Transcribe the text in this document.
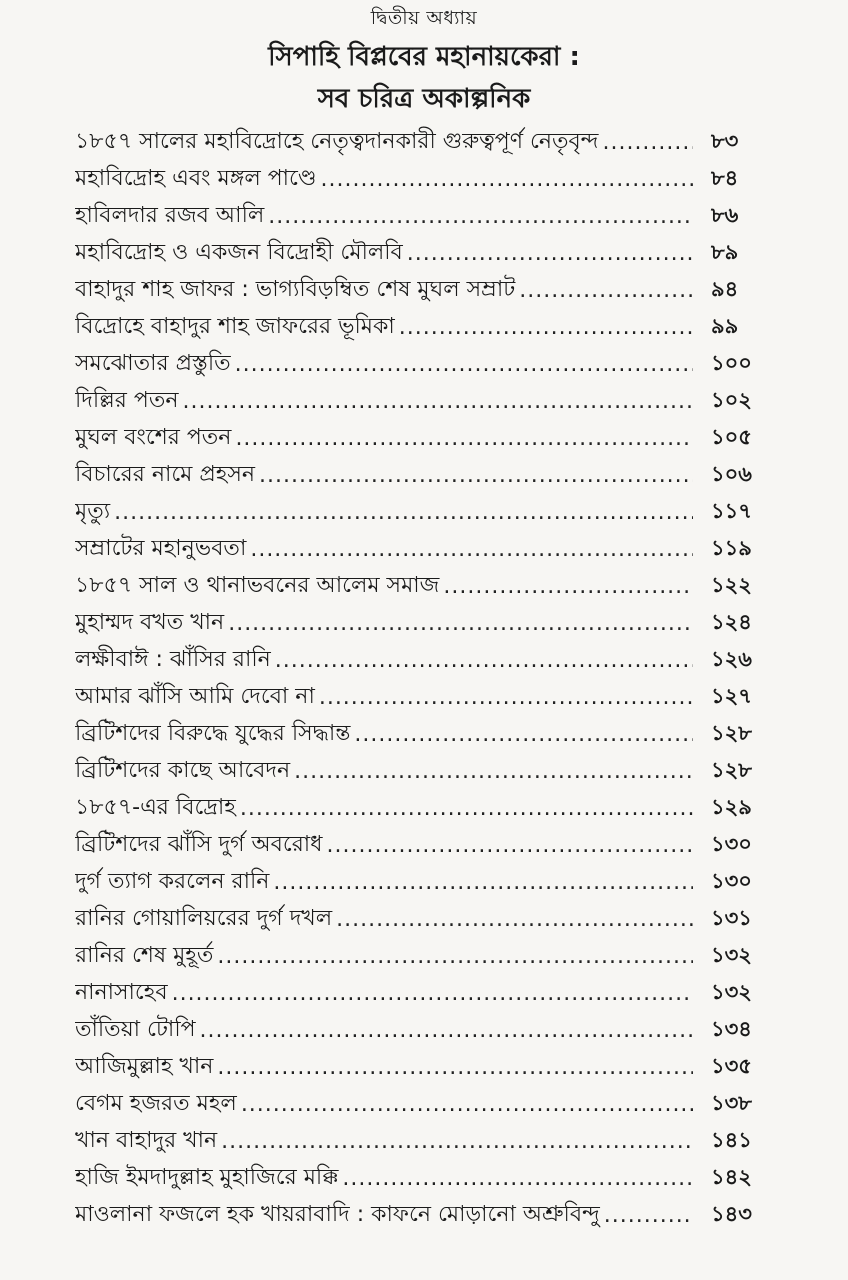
দ্বিতীয় অধ্যায়
সিপাহি বিপ্লবের মহানায়কেরা :
সব চরিত্র অকাল্পনিক
১৮৫৭ সালের মহাবিদ্রোহে নেতৃত্বদানকারী গুরুত্বপূর্ণ নেতৃবৃন্দ .....	৮৩
মহাবিদ্রোহ এবং মঙ্গল পাণ্ডে .....	৮৪
হাবিলদার রজব আলি .....	৮৬
মহাবিদ্রোহ ও একজন বিদ্রোহী মৌলবি .....	৮৯
বাহাদুর শাহ জাফর : ভাগ্যবিড়ম্বিত শেষ মুঘল সম্রাট .....	৯৪
বিদ্রোহে বাহাদুর শাহ জাফরের ভূমিকা .....	৯৯
সমঝোতার প্রস্তুতি .....	১০০
দিল্লির পতন .....	১০২
মুঘল বংশের পতন .....	১০৫
বিচারের নামে প্রহসন .....	১০৬
মৃত্যু .....	১১৭
সম্রাটের মহানুভবতা .....	১১৯
১৮৫৭ সাল ও থানাভবনের আলেম সমাজ .....	১২২
মুহাম্মদ বখত খান .....	১২৪
লক্ষীবাঈ : ঝাঁসির রানি .....	১২৬
আমার ঝাঁসি আমি দেবো না .....	১২৭
ব্রিটিশদের বিরুদ্ধে যুদ্ধের সিদ্ধান্ত .....	১২৮
ব্রিটিশদের কাছে আবেদন .....	১২৮
১৮৫৭-এর বিদ্রোহ .....	১২৯
ব্রিটিশদের ঝাঁসি দুর্গ অবরোধ .....	১৩০
দুর্গ ত্যাগ করলেন রানি .....	১৩০
রানির গোয়ালিয়রের দুর্গ দখল .....	১৩১
রানির শেষ মুহূর্ত .....	১৩২
নানাসাহেব .....	১৩২
তাঁতিয়া টোপি .....	১৩৪
আজিমুল্লাহ খান .....	১৩৫
বেগম হজরত মহল .....	১৩৮
খান বাহাদুর খান .....	১৪১
হাজি ইমদাদুল্লাহ মুহাজিরে মক্কি .....	১৪২
মাওলানা ফজলে হক খায়রাবাদি : কাফনে মোড়ানো অশ্রুবিন্দু .....	১৪৩
